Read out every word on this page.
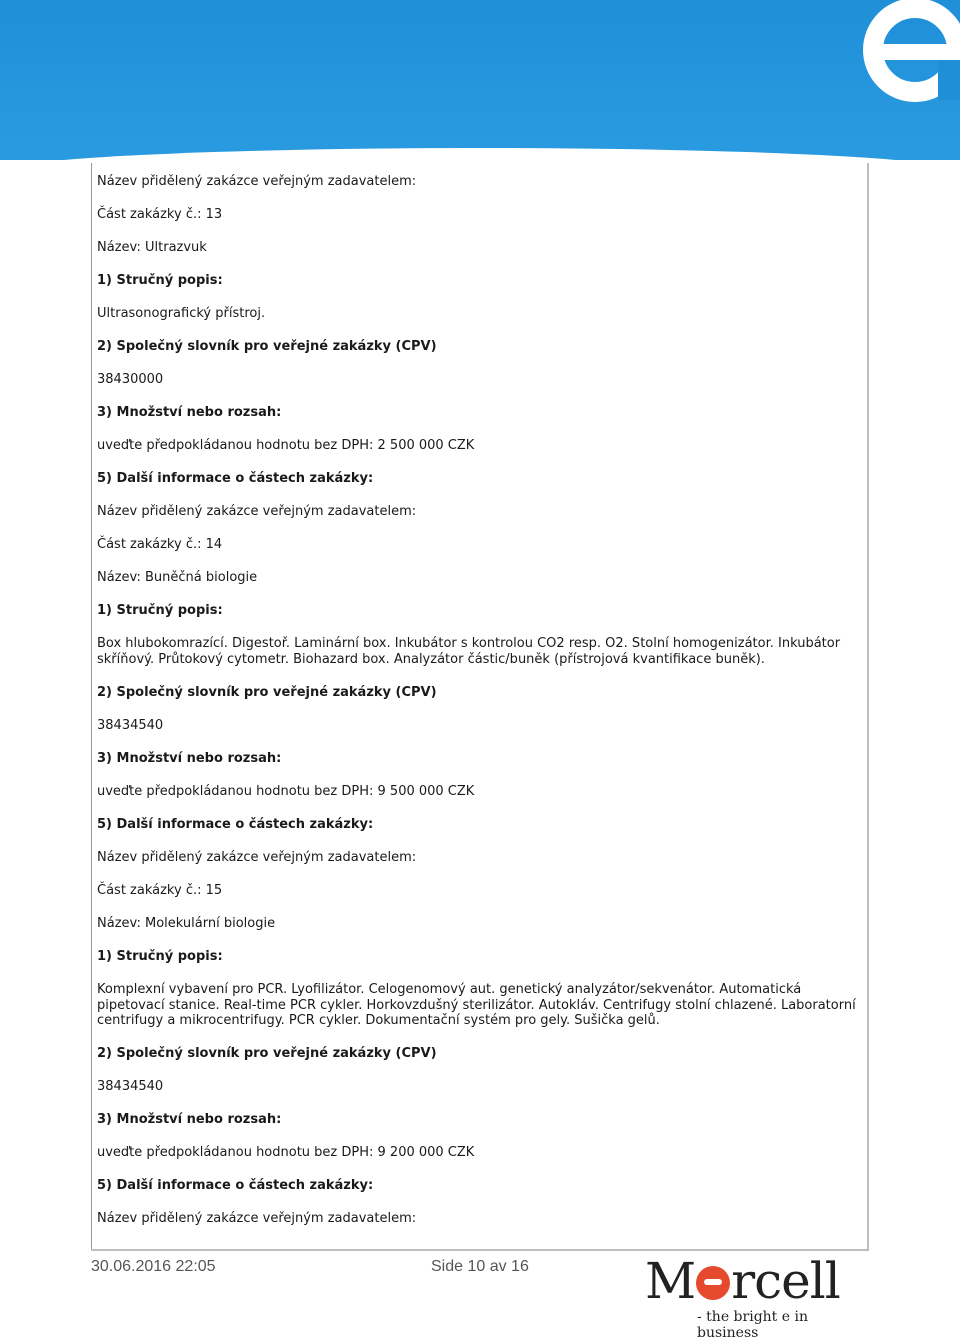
Název přidělený zakázce veřejným zadavatelem:
Část zakázky č.: 13
Název: Ultrazvuk
1) Stručný popis:
Ultrasonografický přístroj.
2) Společný slovník pro veřejné zakázky (CPV)
38430000
3) Množství nebo rozsah:
uveďte předpokládanou hodnotu bez DPH: 2 500 000 CZK
5) Další informace o částech zakázky:
Název přidělený zakázce veřejným zadavatelem:
Část zakázky č.: 14
Název: Buněčná biologie
1) Stručný popis:
Box hlubokomrazící. Digestoř. Laminární box. Inkubátor s kontrolou CO2 resp. O2. Stolní homogenizátor. Inkubátor skříňový. Průtokový cytometr. Biohazard box. Analyzátor částic/buněk (přístrojová kvantifikace buněk).
2) Společný slovník pro veřejné zakázky (CPV)
38434540
3) Množství nebo rozsah:
uveďte předpokládanou hodnotu bez DPH: 9 500 000 CZK
5) Další informace o částech zakázky:
Název přidělený zakázce veřejným zadavatelem:
Část zakázky č.: 15
Název: Molekulární biologie
1) Stručný popis:
Komplexní vybavení pro PCR. Lyofilizátor. Celogenomový aut. genetický analyzátor/sekvenátor. Automatická pipetovací stanice. Real-time PCR cykler. Horkovzdušný sterilizátor. Autokláv. Centrifugy stolní chlazené. Laboratorní centrifugy a mikrocentrifugy. PCR cykler. Dokumentační systém pro gely. Sušička gelů.
2) Společný slovník pro veřejné zakázky (CPV)
38434540
3) Množství nebo rozsah:
uveďte předpokládanou hodnotu bez DPH: 9 200 000 CZK
5) Další informace o částech zakázky:
Název přidělený zakázce veřejným zadavatelem:
30.06.2016 22:05	Side 10 av 16 M rcell
- the bright e in business
